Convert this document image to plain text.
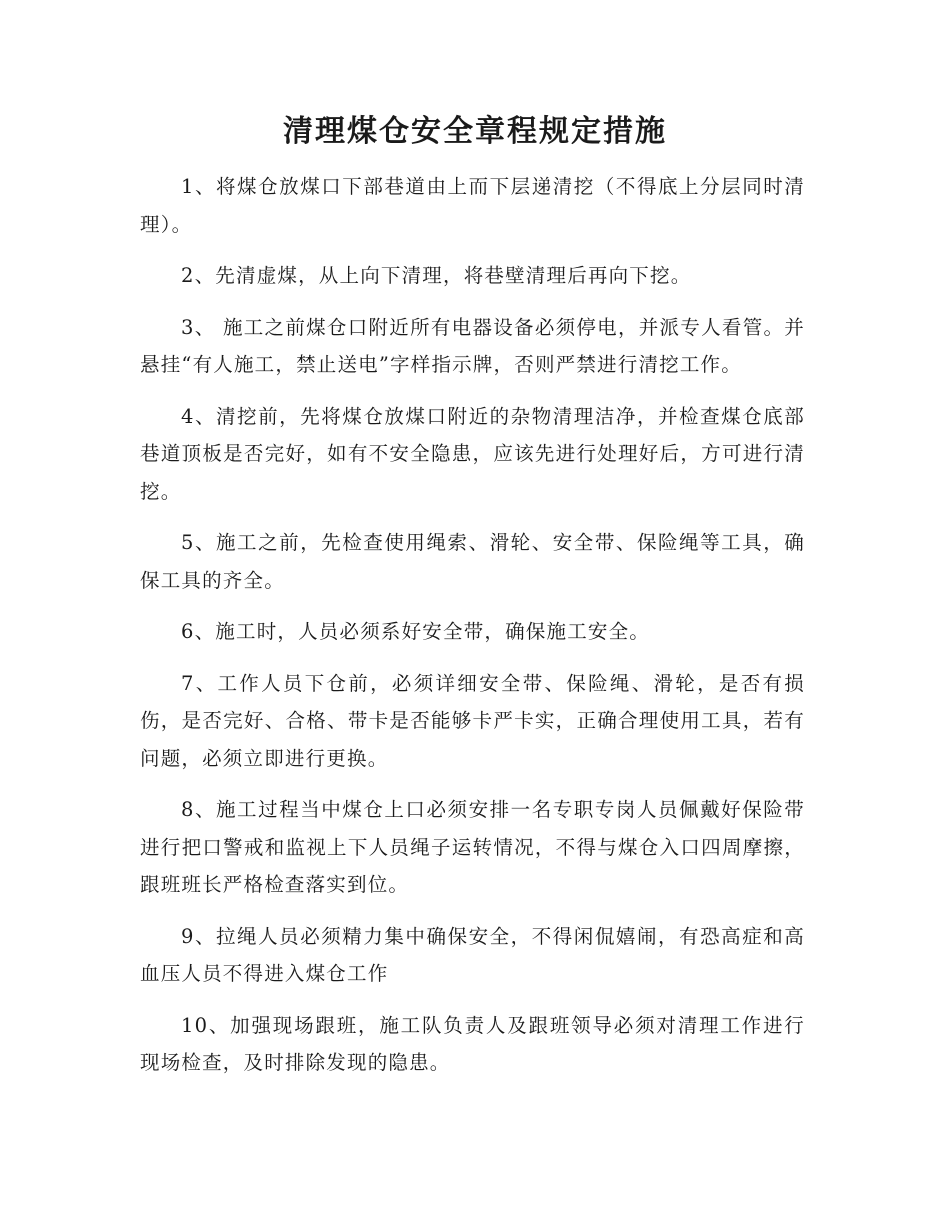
清理煤仓安全章程规定措施

1、将煤仓放煤口下部巷道由上而下层递清挖（不得底上分层同时清理）。

2、先清虚煤，从上向下清理，将巷壁清理后再向下挖。

3、 施工之前煤仓口附近所有电器设备必须停电，并派专人看管。并悬挂“有人施工，禁止送电”字样指示牌，否则严禁进行清挖工作。

4、清挖前，先将煤仓放煤口附近的杂物清理洁净，并检查煤仓底部巷道顶板是否完好，如有不安全隐患，应该先进行处理好后，方可进行清挖。

5、施工之前，先检查使用绳索、滑轮、安全带、保险绳等工具，确保工具的齐全。

6、施工时，人员必须系好安全带，确保施工安全。

7、工作人员下仓前，必须详细安全带、保险绳、滑轮，是否有损伤，是否完好、合格、带卡是否能够卡严卡实，正确合理使用工具，若有问题，必须立即进行更换。

8、施工过程当中煤仓上口必须安排一名专职专岗人员佩戴好保险带进行把口警戒和监视上下人员绳子运转情况，不得与煤仓入口四周摩擦，跟班班长严格检查落实到位。

9、拉绳人员必须精力集中确保安全，不得闲侃嬉闹，有恐高症和高血压人员不得进入煤仓工作

10、加强现场跟班，施工队负责人及跟班领导必须对清理工作进行现场检查，及时排除发现的隐患。
